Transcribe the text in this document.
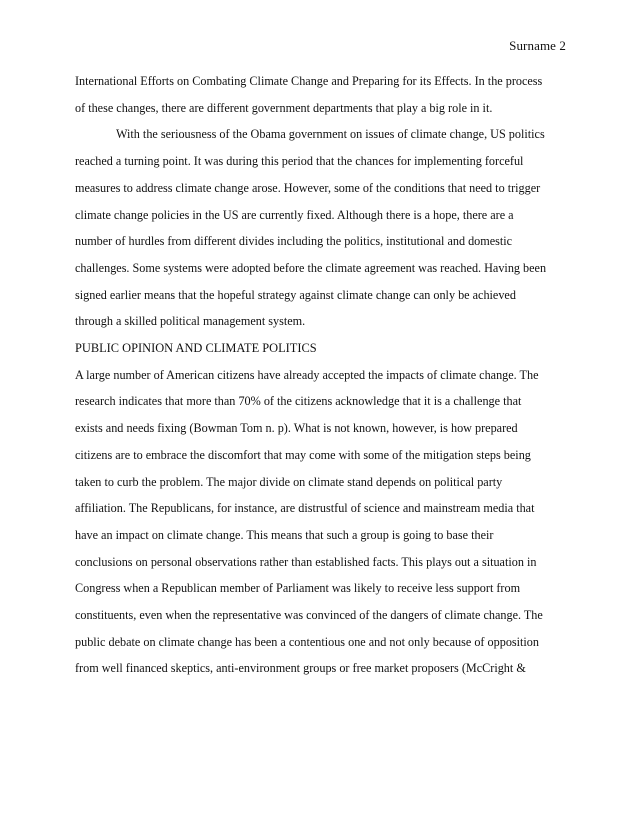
Surname 2
International Efforts on Combating Climate Change and Preparing for its Effects. In the process
of these changes, there are different government departments that play a big role in it.
With the seriousness of the Obama government on issues of climate change, US politics
reached a turning point. It was during this period that the chances for implementing forceful
measures to address climate change arose. However, some of the conditions that need to trigger
climate change policies in the US are currently fixed. Although there is a hope, there are a
number of hurdles from different divides including the politics, institutional and domestic
challenges. Some systems were adopted before the climate agreement was reached. Having been
signed earlier means that the hopeful strategy against climate change can only be achieved
through a skilled political management system.
PUBLIC OPINION AND CLIMATE POLITICS
A large number of American citizens have already accepted the impacts of climate change. The
research indicates that more than 70% of the citizens acknowledge that it is a challenge that
exists and needs fixing (Bowman Tom n. p). What is not known, however, is how prepared
citizens are to embrace the discomfort that may come with some of the mitigation steps being
taken to curb the problem. The major divide on climate stand depends on political party
affiliation. The Republicans, for instance, are distrustful of science and mainstream media that
have an impact on climate change. This means that such a group is going to base their
conclusions on personal observations rather than established facts. This plays out a situation in
Congress when a Republican member of Parliament was likely to receive less support from
constituents, even when the representative was convinced of the dangers of climate change. The
public debate on climate change has been a contentious one and not only because of opposition
from well financed skeptics, anti-environment groups or free market proposers (McCright &
